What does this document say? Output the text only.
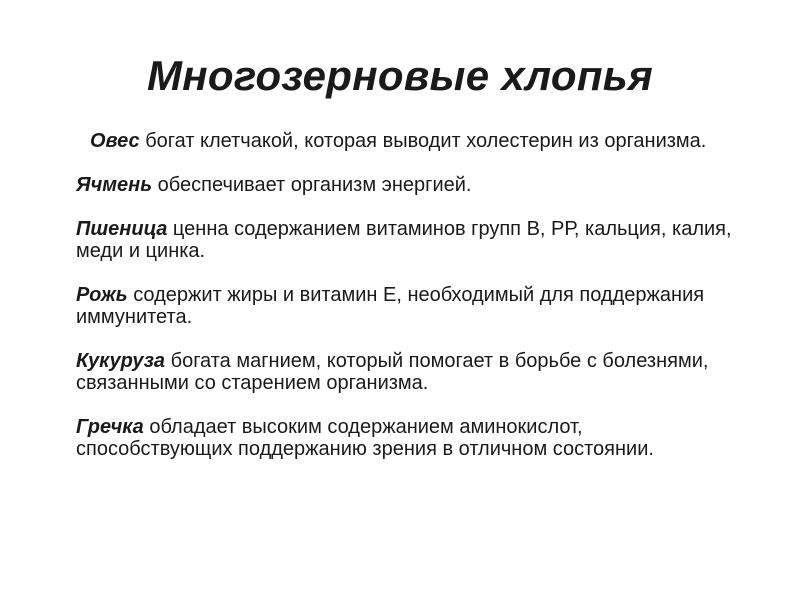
Многозерновые хлопья

Овес богат клетчакой, которая выводит холестерин из организма.

Ячмень обеспечивает организм энергией.

Пшеница ценна содержанием витаминов групп В, РР, кальция, калия, меди и цинка.

Рожь содержит жиры и витамин Е, необходимый для поддержания иммунитета.

Кукуруза богата магнием, который помогает в борьбе с болезнями, связанными со старением организма.

Гречка обладает высоким содержанием аминокислот, способствующих поддержанию зрения в отличном состоянии.
